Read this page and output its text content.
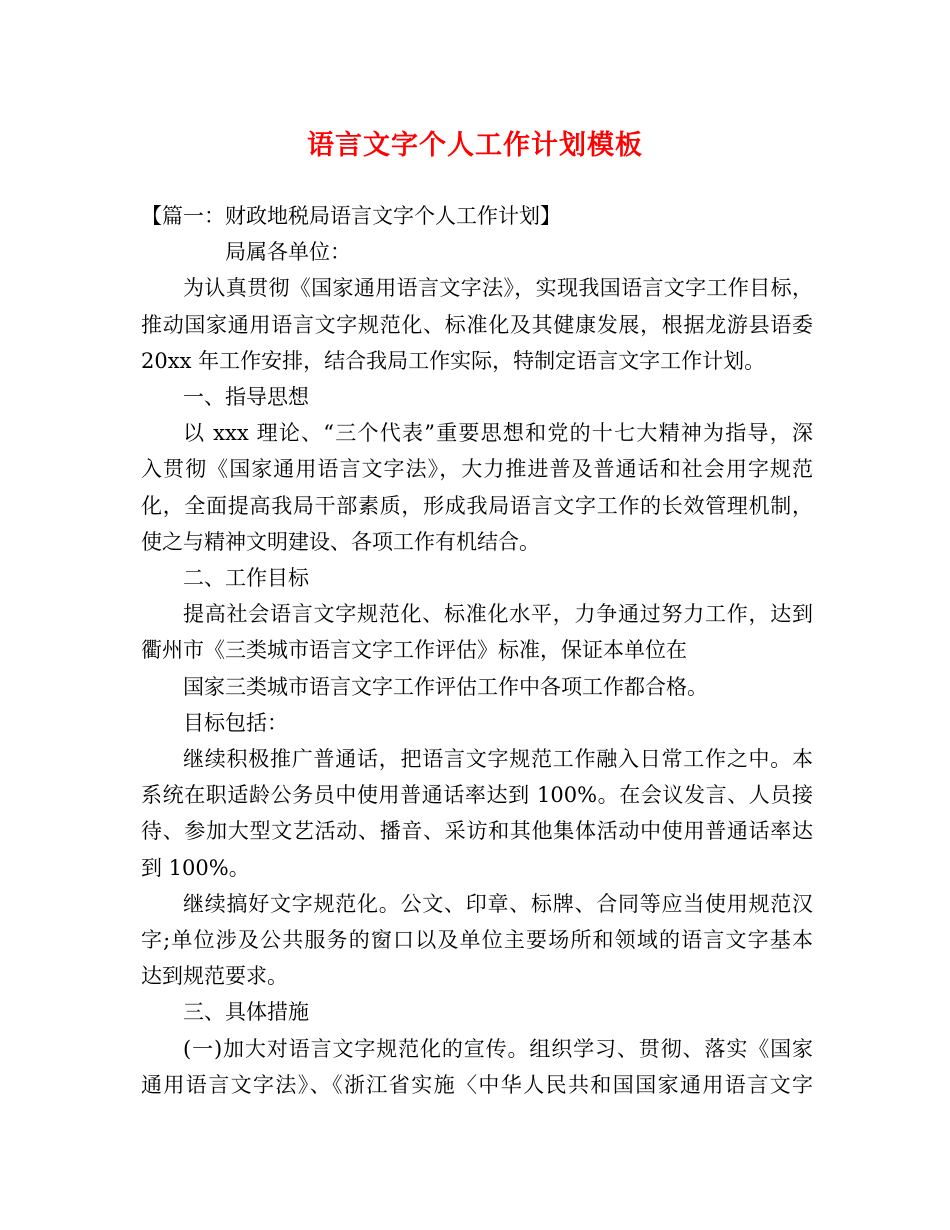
语言文字个人工作计划模板
【篇一：财政地税局语言文字个人工作计划】
局属各单位：
为认真贯彻《国家通用语言文字法》，实现我国语言文字工作目标，
推动国家通用语言文字规范化、标准化及其健康发展，根据龙游县语委
20xx 年工作安排，结合我局工作实际，特制定语言文字工作计划。
一、指导思想
以 xxx 理论、“三个代表”重要思想和党的十七大精神为指导，深
入贯彻《国家通用语言文字法》，大力推进普及普通话和社会用字规范
化，全面提高我局干部素质，形成我局语言文字工作的长效管理机制，
使之与精神文明建设、各项工作有机结合。
二、工作目标
提高社会语言文字规范化、标准化水平，力争通过努力工作，达到
衢州市《三类城市语言文字工作评估》标准，保证本单位在
国家三类城市语言文字工作评估工作中各项工作都合格。
目标包括：
继续积极推广普通话，把语言文字规范工作融入日常工作之中。本
系统在职适龄公务员中使用普通话率达到 100%。在会议发言、人员接
待、参加大型文艺活动、播音、采访和其他集体活动中使用普通话率达
到 100%。
继续搞好文字规范化。公文、印章、标牌、合同等应当使用规范汉
字;单位涉及公共服务的窗口以及单位主要场所和领域的语言文字基本
达到规范要求。
三、具体措施
(一)加大对语言文字规范化的宣传。组织学习、贯彻、落实《国家
通用语言文字法》、《浙江省实施〈中华人民共和国国家通用语言文字
